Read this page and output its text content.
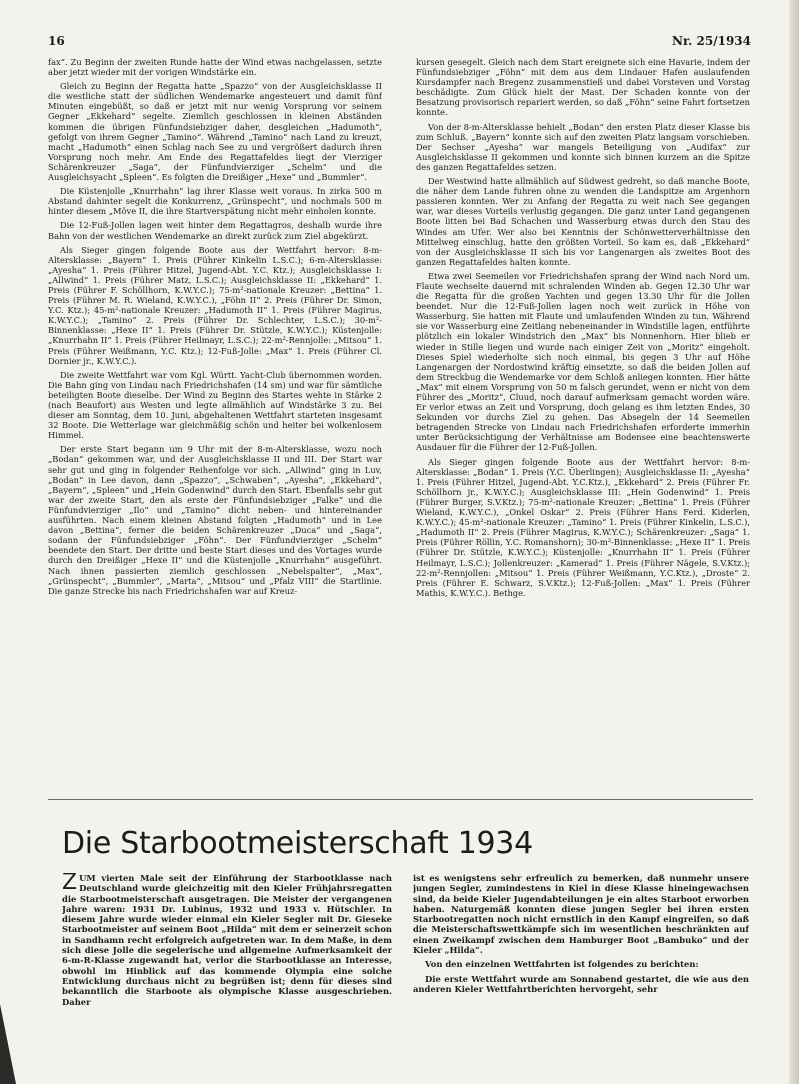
16	Nr. 25/1934

fax“. Zu Beginn der zweiten Runde hatte der Wind etwas nachgelassen, setzte aber jetzt wieder mit der vorigen Windstärke ein.

Gleich zu Beginn der Regatta hatte „Spazzo“ von der Ausgleichsklasse II die westliche statt der südlichen Wendemarke angesteuert und damit fünf Minuten eingebüßt, so daß er jetzt mit nur wenig Vorsprung vor seinem Gegner „Ekkehard“ segelte. Ziemlich geschlossen in kleinen Abständen kommen die übrigen Fünfundsiebziger daher, desgleichen „Hadumoth“, gefolgt von ihrem Gegner „Tamino“. Während „Tamino“ nach Land zu kreuzt, macht „Hadumoth“ einen Schlag nach See zu und vergrößert dadurch ihren Vorsprung noch mehr. Am Ende des Regattafeldes liegt der Vierziger Schärenkreuzer „Saga“, der Fünfundvierziger „Schelm“ und die Ausgleichsyacht „Spleen“. Es folgten die Dreißiger „Hexe“ und „Bummler“.

Die Küstenjolle „Knurrhahn“ lag ihrer Klasse weit voraus. In zirka 500 m Abstand dahinter segelt die Konkurrenz, „Grünspecht“, und nochmals 500 m hinter diesem „Möve II, die ihre Startverspätung nicht mehr einholen konnte.

Die 12-Fuß-Jollen lagen weit hinter dem Regattagros, deshalb wurde ihre Bahn von der westlichen Wendemarke an direkt zurück zum Ziel abgekürzt.

Als Sieger gingen folgende Boote aus der Wettfahrt hervor: 8-m-Altersklasse: „Bayern“ 1. Preis (Führer Kinkelin L.S.C.); 6-m-Altersklasse: „Ayesha“ 1. Preis (Führer Hitzel, Jugend-Abt. Y.C. Ktz.); Ausgleichsklasse I: „Allwind“ 1. Preis (Führer Matz, L.S.C.); Ausgleichsklasse II: „Ekkehard“ 1. Preis (Führer F. Schöllhorn, K.W.Y.C.); 75-m²-nationale Kreuzer: „Bettina“ 1. Preis (Führer M. R. Wieland, K.W.Y.C.), „Föhn II“ 2. Preis (Führer Dr. Simon, Y.C. Ktz.); 45-m²-nationale Kreuzer: „Hadumoth II“ 1. Preis (Führer Magirus, K.W.Y.C.); „Tamino“ 2. Preis (Führer Dr. Schlechter, L.S.C.); 30-m²-Binnenklasse: „Hexe II“ 1. Preis (Führer Dr. Stützle, K.W.Y.C.); Küstenjolle: „Knurrhahn II“ 1. Preis (Führer Heilmayr, L.S.C.); 22-m²-Rennjolle: „Mitsou“ 1. Preis (Führer Weißmann, Y.C. Ktz.); 12-Fuß-Jolle: „Max“ 1. Preis (Führer Cl. Dornier jr., K.W.Y.C.).

Die zweite Wettfahrt war vom Kgl. Württ. Yacht-Club übernommen worden. Die Bahn ging von Lindau nach Friedrichshafen (14 sm) und war für sämtliche beteiligten Boote dieselbe. Der Wind zu Beginn des Startes wehte in Stärke 2 (nach Beaufort) aus Westen und legte allmählich auf Windstärke 3 zu. Bei dieser am Sonntag, dem 10. Juni, abgehaltenen Wettfahrt starteten insgesamt 32 Boote. Die Wetterlage war gleichmäßig schön und heiter bei wolkenlosem Himmel.

Der erste Start begann um 9 Uhr mit der 8-m-Altersklasse, wozu noch „Bodan“ gekommen war, und der Ausgleichsklasse II und III. Der Start war sehr gut und ging in folgender Reihenfolge vor sich. „Allwind“ ging in Luv, „Bodan“ in Lee davon, dann „Spazzo“, „Schwaben“, „Ayesha“, „Ekkehard“, „Bayern“, „Spleen“ und „Hein Godenwind“ durch den Start. Ebenfalls sehr gut war der zweite Start, den als erste der Fünfundsiebziger „Falke“ und die Fünfundvierziger „Ilo“ und „Tamino“ dicht neben- und hintereinander ausführten. Nach einem kleinen Abstand folgten „Hadumoth“ und in Lee davon „Bettina“, ferner die beiden Schärenkreuzer „Duca“ und „Saga“, sodann der Fünfundsiebziger „Föhn“. Der Fünfundvierziger „Schelm“ beendete den Start. Der dritte und beste Start dieses und des Vortages wurde durch den Dreißiger „Hexe II“ und die Küstenjolle „Knurrhahn“ ausgeführt. Nach ihnen passierten ziemlich geschlossen „Nebelspalter“, „Max“, „Grünspecht“, „Bummler“, „Marta“, „Mitsou“ und „Pfalz VIII“ die Startlinie. Die ganze Strecke bis nach Friedrichshafen war auf Kreuz-

kursen gesegelt. Gleich nach dem Start ereignete sich eine Havarie, indem der Fünfundsiebziger „Föhn“ mit dem aus dem Lindauer Hafen auslaufenden Kursdampfer nach Bregenz zusammenstieß und dabei Vorsteven und Vorstag beschädigte. Zum Glück hielt der Mast. Der Schaden konnte von der Besatzung provisorisch repariert werden, so daß „Föhn“ seine Fahrt fortsetzen konnte.

Von der 8-m-Altersklasse behielt „Bodan“ den ersten Platz dieser Klasse bis zum Schluß. „Bayern“ konnte sich auf den zweiten Platz langsam vorschieben. Der Sechser „Ayesha“ war mangels Beteiligung von „Audifax“ zur Ausgleichsklasse II gekommen und konnte sich binnen kurzem an die Spitze des ganzen Regattafeldes setzen.

Der Westwind hatte allmählich auf Südwest gedreht, so daß manche Boote, die näher dem Lande fuhren ohne zu wenden die Landspitze am Argenhorn passieren konnten. Wer zu Anfang der Regatta zu weit nach See gegangen war, war dieses Vorteils verlustig gegangen. Die ganz unter Land gegangenen Boote litten bei Bad Schachen und Wasserburg etwas durch den Stau des Windes am Ufer. Wer also bei Kenntnis der Schönwetterverhältnisse den Mittelweg einschlug, hatte den größten Vorteil. So kam es, daß „Ekkehard“ von der Ausgleichsklasse II sich bis vor Langenargen als zweites Boot des ganzen Regattafeldes halten konnte.

Etwa zwei Seemeilen vor Friedrichshafen sprang der Wind nach Nord um. Flaute wechselte dauernd mit schralenden Winden ab. Gegen 12.30 Uhr war die Regatta für die großen Yachten und gegen 13.30 Uhr für die Jollen beendet. Nur die 12-Fuß-Jollen lagen noch weit zurück in Höhe von Wasserburg. Sie hatten mit Flaute und umlaufenden Winden zu tun. Während sie vor Wasserburg eine Zeitlang nebeneinander in Windstille lagen, entführte plötzlich ein lokaler Windstrich den „Max“ bis Nonnenhorn. Hier blieb er wieder in Stille liegen und wurde nach einiger Zeit von „Moritz“ eingeholt. Dieses Spiel wiederholte sich noch einmal, bis gegen 3 Uhr auf Höhe Langenargen der Nordostwind kräftig einsetzte, so daß die beiden Jollen auf dem Streckbug die Wendemarke vor dem Schloß anliegen konnten. Hier hätte „Max“ mit einem Vorsprung von 50 m falsch gerundet, wenn er nicht von dem Führer des „Moritz“, Cluud, noch darauf aufmerksam gemacht worden wäre. Er verlor etwas an Zeit und Vorsprung, doch gelang es ihm letzten Endes, 30 Sekunden vor durchs Ziel zu gehen. Das Absegeln der 14 Seemeilen betragenden Strecke von Lindau nach Friedrichshafen erforderte immerhin unter Berücksichtigung der Verhältnisse am Bodensee eine beachtenswerte Ausdauer für die Führer der 12-Fuß-Jollen.

Als Sieger gingen folgende Boote aus der Wettfahrt hervor: 8-m-Altersklasse: „Bodan“ 1. Preis (Y.C. Überlingen); Ausgleichsklasse II: „Ayesha“ 1. Preis (Führer Hitzel, Jugend-Abt. Y.C.Ktz.), „Ekkehard“ 2. Preis (Führer Fr. Schöllhorn jr., K.W.Y.C.); Ausgleichsklasse III: „Hein Godenwind“ 1. Preis (Führer Burger, S.V.Ktz.); 75-m²-nationale Kreuzer: „Bettina“ 1. Preis (Führer Wieland, K.W.Y.C.), „Onkel Oskar“ 2. Preis (Führer Hans Ferd. Kiderlen, K.W.Y.C.); 45-m²-nationale Kreuzer: „Tamino“ 1. Preis (Führer Kinkelin, L.S.C.), „Hadumoth II“ 2. Preis (Führer Magirus, K.W.Y.C.); Schärenkreuzer: „Saga“ 1. Preis (Führer Röllin, Y.C. Romanshorn); 30-m²-Binnenklasse: „Hexe II“ 1. Preis (Führer Dr. Stützle, K.W.Y.C.); Küstenjolle: „Knurrhahn II“ 1. Preis (Führer Heilmayr, L.S.C.); Jollenkreuzer: „Kamerad“ 1. Preis (Führer Nägele, S.V.Ktz.); 22-m²-Rennjollen: „Mitsou“ 1. Preis (Führer Weißmann, Y.C.Ktz.), „Droste“ 2. Preis (Führer E. Schwarz, S.V.Ktz.); 12-Fuß-Jollen: „Max“ 1. Preis (Führer Mathis, K.W.Y.C.). Bethge.

Die Starbootmeisterschaft 1934

ZUM vierten Male seit der Einführung der Starbootklasse nach Deutschland wurde gleichzeitig mit den Kieler Frühjahrsregatten die Starbootmeisterschaft ausgetragen. Die Meister der vergangenen Jahre waren: 1931 Dr. Lubinus, 1932 und 1933 v. Hütschler. In diesem Jahre wurde wieder einmal ein Kieler Segler mit Dr. Gieseke Starbootmeister auf seinem Boot „Hilda“ mit dem er seinerzeit schon in Sandhamn recht erfolgreich aufgetreten war. In dem Maße, in dem sich diese Jolle die segelerische und allgemeine Aufmerksamkeit der 6-m-R-Klasse zugewandt hat, verlor die Starbootklasse an Interesse, obwohl im Hinblick auf das kommende Olympia eine solche Entwicklung durchaus nicht zu begrüßen ist; denn für dieses sind bekanntlich die Starboote als olympische Klasse ausgeschrieben. Daher

ist es wenigstens sehr erfreulich zu bemerken, daß nunmehr unsere jungen Segler, zumindestens in Kiel in diese Klasse hineingewachsen sind, da beide Kieler Jugendabteilungen je ein altes Starboot erworben haben. Naturgemäß konnten diese jungen Segler bei ihren ersten Starbootregatten noch nicht ernstlich in den Kampf eingreifen, so daß die Meisterschaftswettkämpfe sich im wesentlichen beschränkten auf einen Zweikampf zwischen dem Hamburger Boot „Bambuko“ und der Kieler „Hilda“.

Von den einzelnen Wettfahrten ist folgendes zu berichten:

Die erste Wettfahrt wurde am Sonnabend gestartet, die wie aus den anderen Kieler Wettfahrtberichten hervorgeht, sehr
